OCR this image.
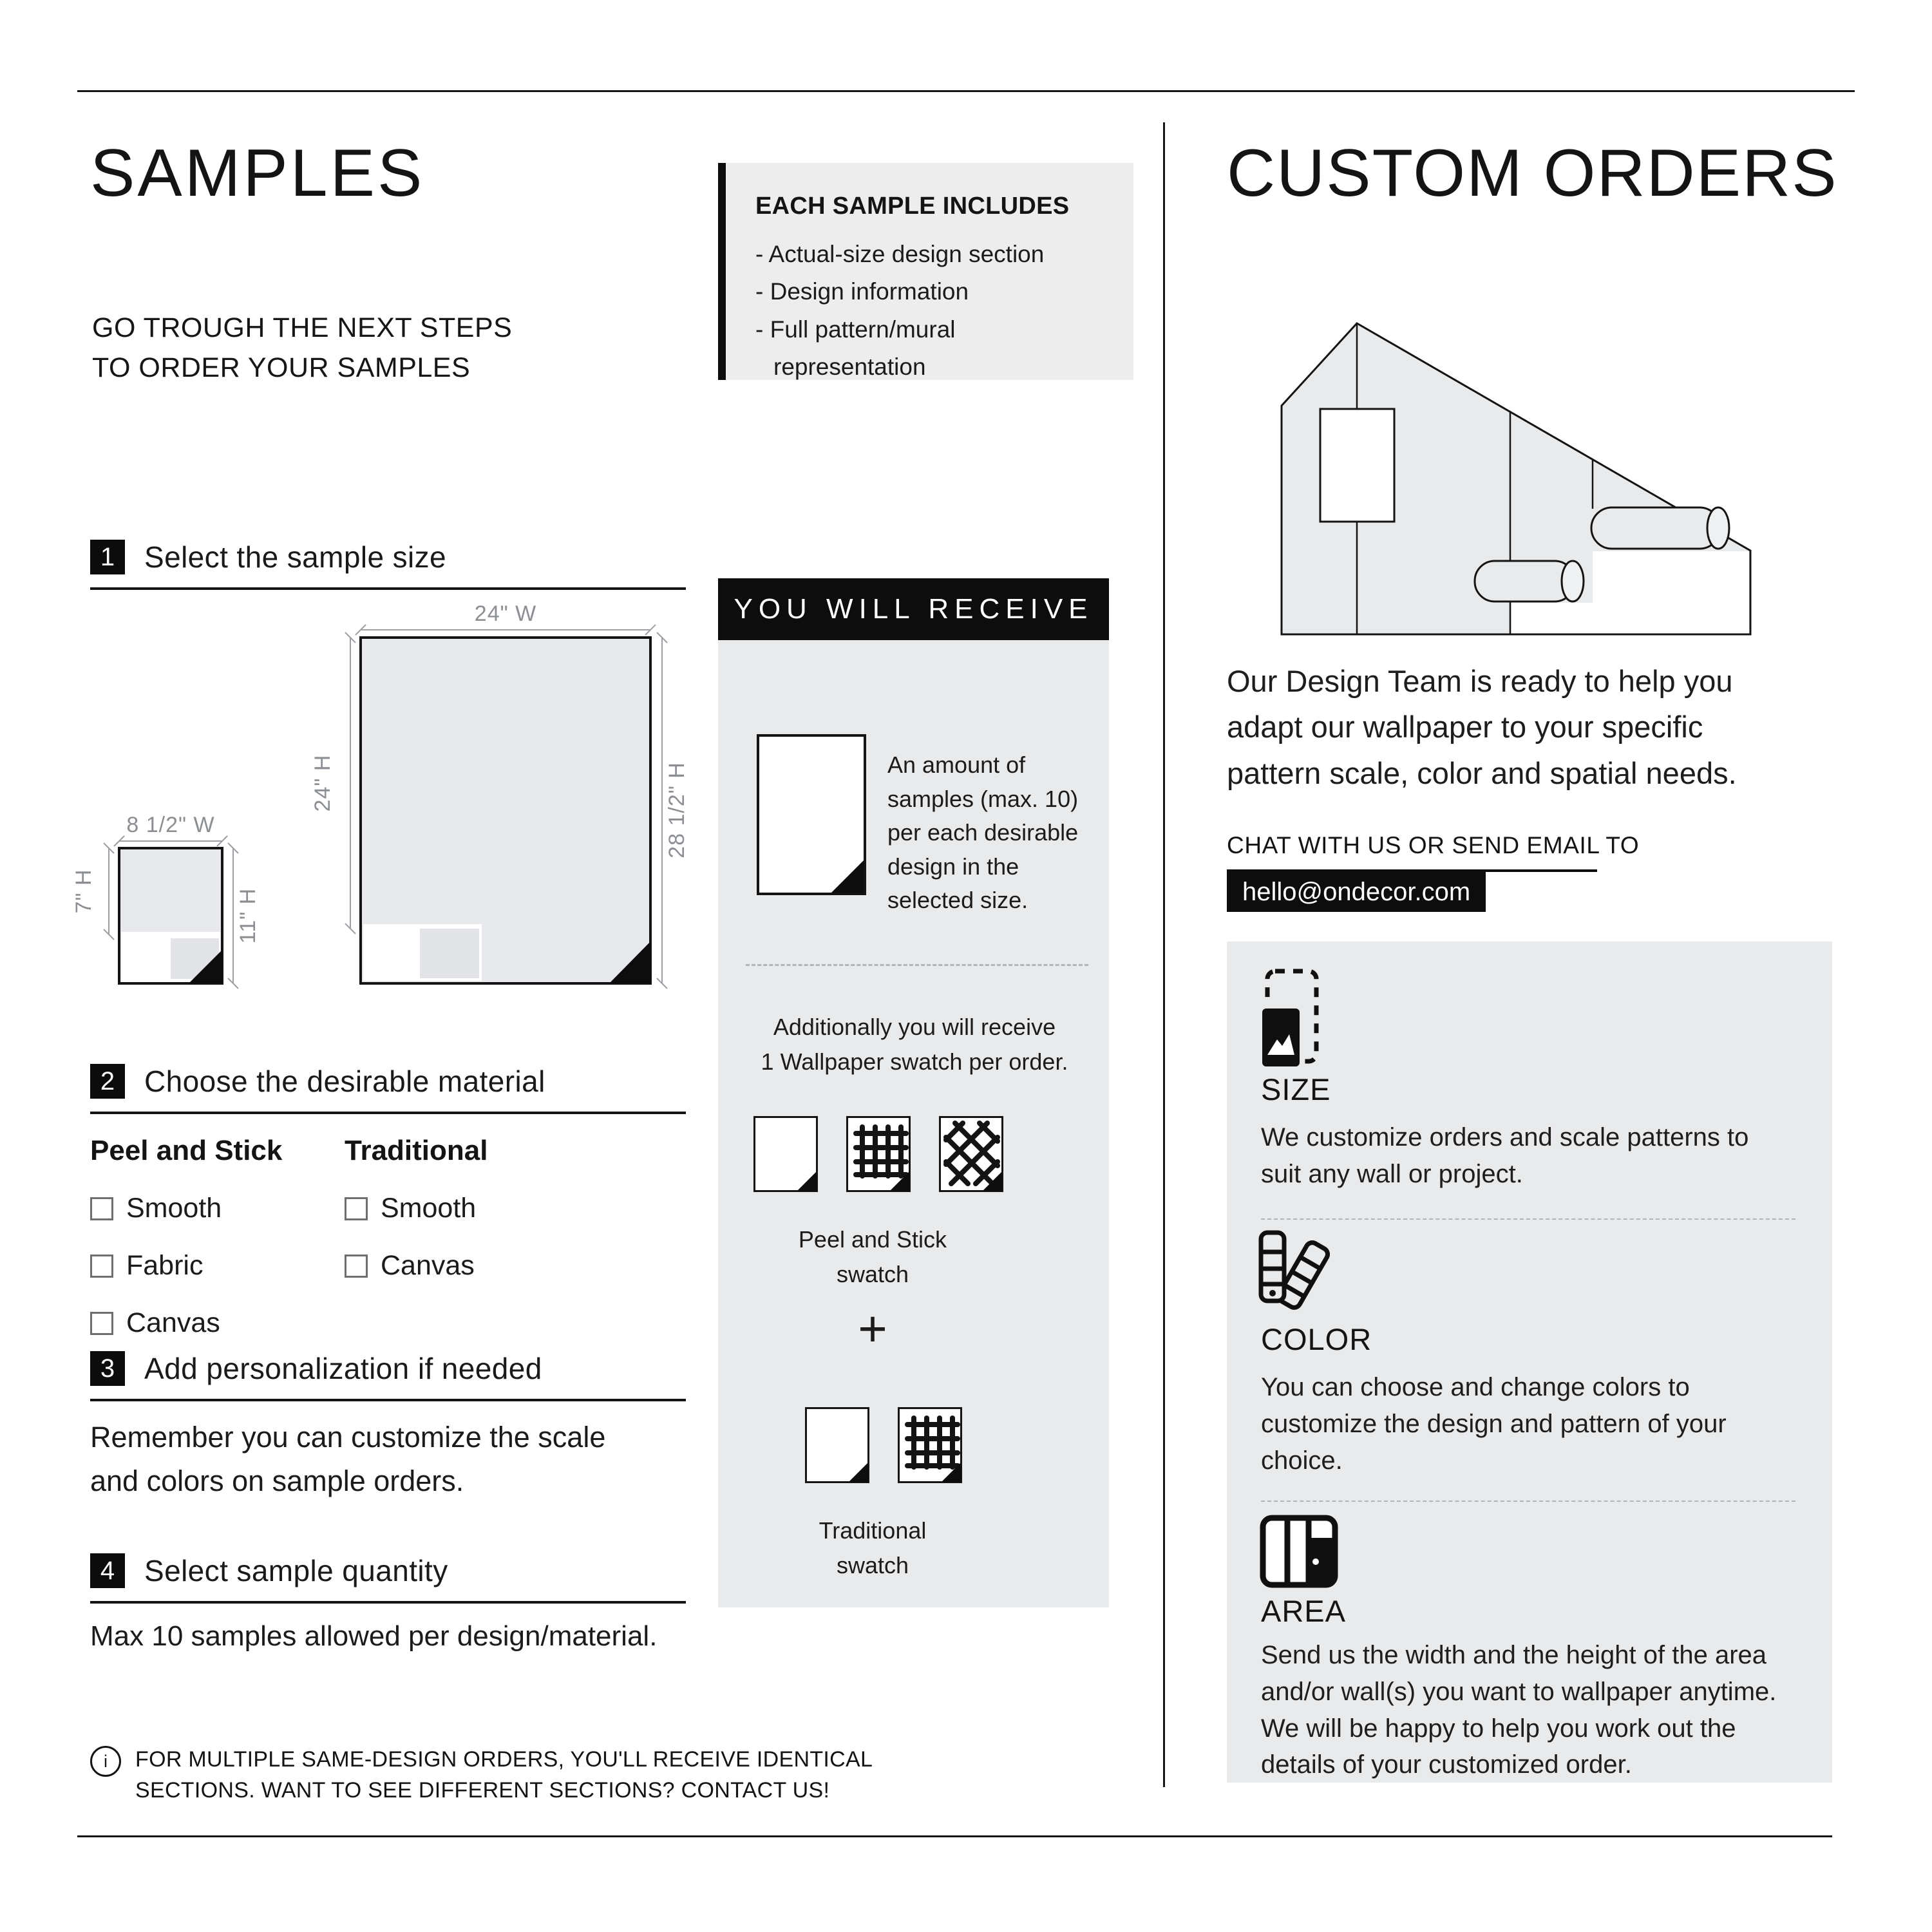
SAMPLES
GO TROUGH THE NEXT STEPS
TO ORDER YOUR SAMPLES
EACH SAMPLE INCLUDES
- Actual-size design section
- Design information
- Full pattern/mural representation
1 Select the sample size
24" W
24" H	28 1/2" H
8 1/2" W
7" H	11" H
2 Choose the desirable material
Peel and Stick
Smooth
Fabric
Canvas
Traditional
Smooth
Canvas
3 Add personalization if needed
Remember you can customize the scale
and colors on sample orders.
4 Select sample quantity
Max 10 samples allowed per design/material.
i	FOR MULTIPLE SAME-DESIGN ORDERS, YOU'LL RECEIVE IDENTICAL
SECTIONS. WANT TO SEE DIFFERENT SECTIONS? CONTACT US!
YOU WILL RECEIVE
An amount of
samples (max. 10)
per each desirable
design in the
selected size.
Additionally you will receive
1 Wallpaper swatch per order.
Peel and Stick
swatch
+
Traditional
swatch
CUSTOM ORDERS
Our Design Team is ready to help you
adapt our wallpaper to your specific
pattern scale, color and spatial needs.
CHAT WITH US OR SEND EMAIL TO
hello@ondecor.com
SIZE
We customize orders and scale patterns to suit any wall or project.
COLOR
You can choose and change colors to customize the design and pattern of your choice.
AREA
Send us the width and the height of the area and/or wall(s) you want to wallpaper anytime. We will be happy to help you work out the details of your customized order.
